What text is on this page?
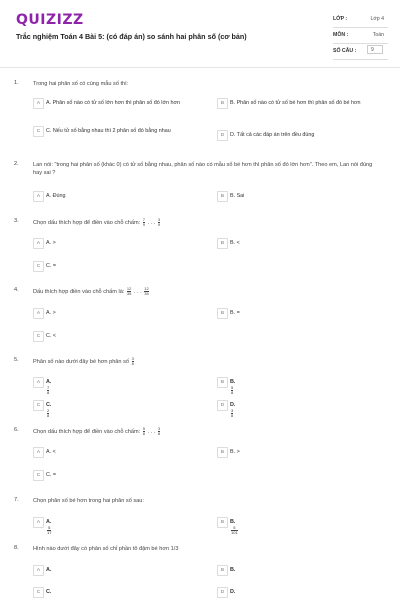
QUIZIZZ
Trắc nghiệm Toán 4 Bài 5: (có đáp án) so sánh hai phân số (cơ bản)
LỚP :	Lớp 4
MÔN :	Toán
SỐ CÂU :	9
1.	Trong hai phân số có cùng mẫu số thì:
A	A. Phân số nào có tử số lớn hơn thì phân số đó lớn hơn	B	B. Phân số nào có tử số bé hơn thì phân số đó bé hơn
C	C. Nếu tử số bằng nhau thì 2 phân số đó bằng nhau
D	D. Tất cả các đáp án trên đều đúng
2.	Lan nói: "trong hai phân số (khác 0) có tử số bằng nhau, phân số nào có mẫu số bé hơn thì phân số đó lớn hơn". Theo em, Lan nói đúng hay sai ?
A	A. Đúng	B	B. Sai
3.	Chọn dấu thích hợp để điền vào chỗ chấm: $\frac{7}{9}$ . . . $\frac{3}{9}$
A	A. >	B	B. <
C	C. =
4.	Dấu thích hợp điền vào chỗ chấm là: $\frac{12}{35}$ . . . $\frac{12}{35}$
A	A. >	B	B. =
C	C. <
5.	Phân số nào dưới đây bé hơn phân số $\frac{3}{8}$
A	A.
$\frac{7}{8}$
B	B.
$\frac{5}{8}$
C	C.
$\frac{2}{8}$
D	D.
$\frac{3}{8}$
6.	Chọn dấu thích hợp để điền vào chỗ chấm: $\frac{5}{8}$ . . . $\frac{3}{8}$
A	A. <	B	B. >
C	C. =
7.	Chọn phân số bé hơn trong hai phân số sau:
A	A.
$\frac{5}{17}$
B	B.
$\frac{5}{101}$
8.	Hình nào dưới đây có phân số chỉ phần tô đậm bé hơn 1/3
A	A.	B	B.
C	C.	D	D.
